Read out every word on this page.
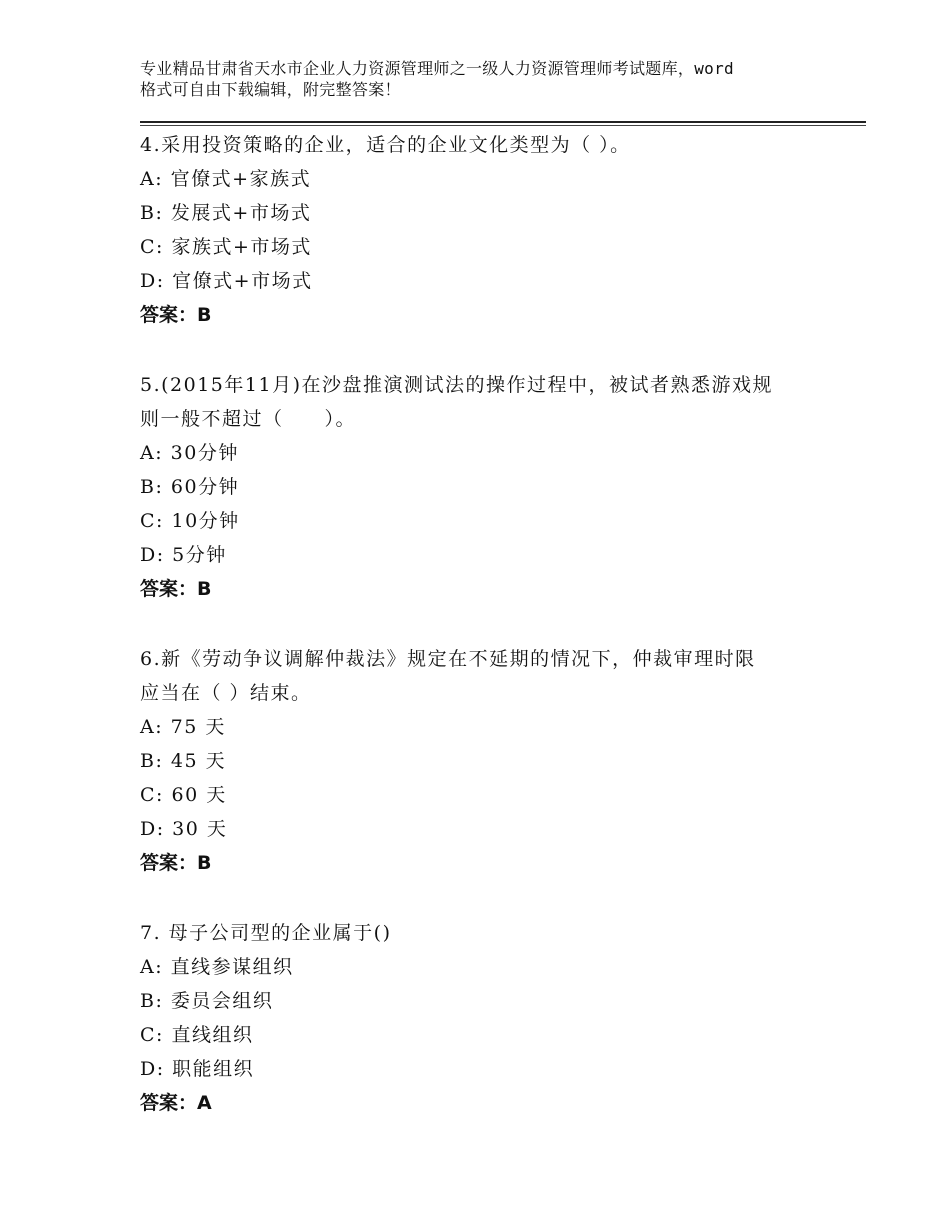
专业精品甘肃省天水市企业人力资源管理师之一级人力资源管理师考试题库，word
格式可自由下载编辑，附完整答案！
4.采用投资策略的企业，适合的企业文化类型为（ ）。
A: 官僚式+家族式
B: 发展式+市场式
C: 家族式+市场式
D: 官僚式+市场式
答案：B
5.(2015年11月)在沙盘推演测试法的操作过程中，被试者熟悉游戏规
则一般不超过（　　）。
A: 30分钟
B: 60分钟
C: 10分钟
D: 5分钟
答案：B
6.新《劳动争议调解仲裁法》规定在不延期的情况下，仲裁审理时限
应当在（ ）结束。
A: 75 天
B: 45 天
C: 60 天
D: 30 天
答案：B
7. 母子公司型的企业属于()
A: 直线参谋组织
B: 委员会组织
C: 直线组织
D: 职能组织
答案：A
